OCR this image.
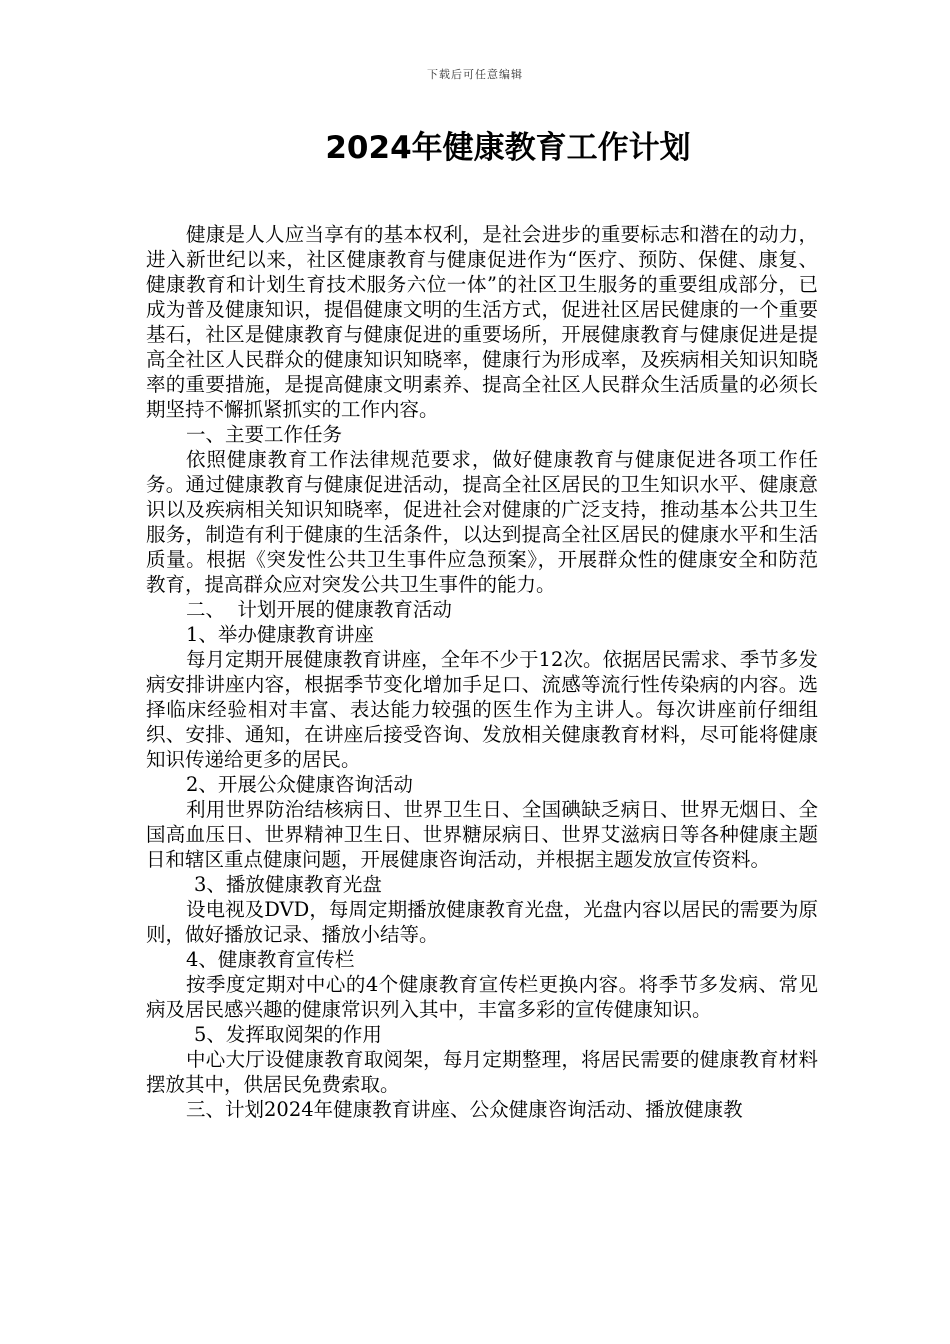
下载后可任意编辑
2024年健康教育工作计划

健康是人人应当享有的基本权利，是社会进步的重要标志和潜在的动力，进入新世纪以来，社区健康教育与健康促进作为“医疗、预防、保健、康复、健康教育和计划生育技术服务六位一体”的社区卫生服务的重要组成部分，已成为普及健康知识，提倡健康文明的生活方式，促进社区居民健康的一个重要基石，社区是健康教育与健康促进的重要场所，开展健康教育与健康促进是提高全社区人民群众的健康知识知晓率，健康行为形成率，及疾病相关知识知晓率的重要措施，是提高健康文明素养、提高全社区人民群众生活质量的必须长期坚持不懈抓紧抓实的工作内容。

一、主要工作任务

依照健康教育工作法律规范要求，做好健康教育与健康促进各项工作任务。通过健康教育与健康促进活动，提高全社区居民的卫生知识水平、健康意识以及疾病相关知识知晓率，促进社会对健康的广泛支持，推动基本公共卫生服务，制造有利于健康的生活条件，以达到提高全社区居民的健康水平和生活质量。根据《突发性公共卫生事件应急预案》，开展群众性的健康安全和防范教育，提高群众应对突发公共卫生事件的能力。

二、  计划开展的健康教育活动

1、举办健康教育讲座

每月定期开展健康教育讲座，全年不少于12次。依据居民需求、季节多发病安排讲座内容，根据季节变化增加手足口、流感等流行性传染病的内容。选择临床经验相对丰富、表达能力较强的医生作为主讲人。每次讲座前仔细组织、安排、通知，在讲座后接受咨询、发放相关健康教育材料，尽可能将健康知识传递给更多的居民。

2、开展公众健康咨询活动

利用世界防治结核病日、世界卫生日、全国碘缺乏病日、世界无烟日、全国高血压日、世界精神卫生日、世界糖尿病日、世界艾滋病日等各种健康主题日和辖区重点健康问题，开展健康咨询活动，并根据主题发放宣传资料。

3、播放健康教育光盘

设电视及DVD，每周定期播放健康教育光盘，光盘内容以居民的需要为原则，做好播放记录、播放小结等。

4、健康教育宣传栏

按季度定期对中心的4个健康教育宣传栏更换内容。将季节多发病、常见病及居民感兴趣的健康常识列入其中，丰富多彩的宣传健康知识。

5、发挥取阅架的作用

中心大厅设健康教育取阅架，每月定期整理，将居民需要的健康教育材料摆放其中，供居民免费索取。

三、计划2024年健康教育讲座、公众健康咨询活动、播放健康教
